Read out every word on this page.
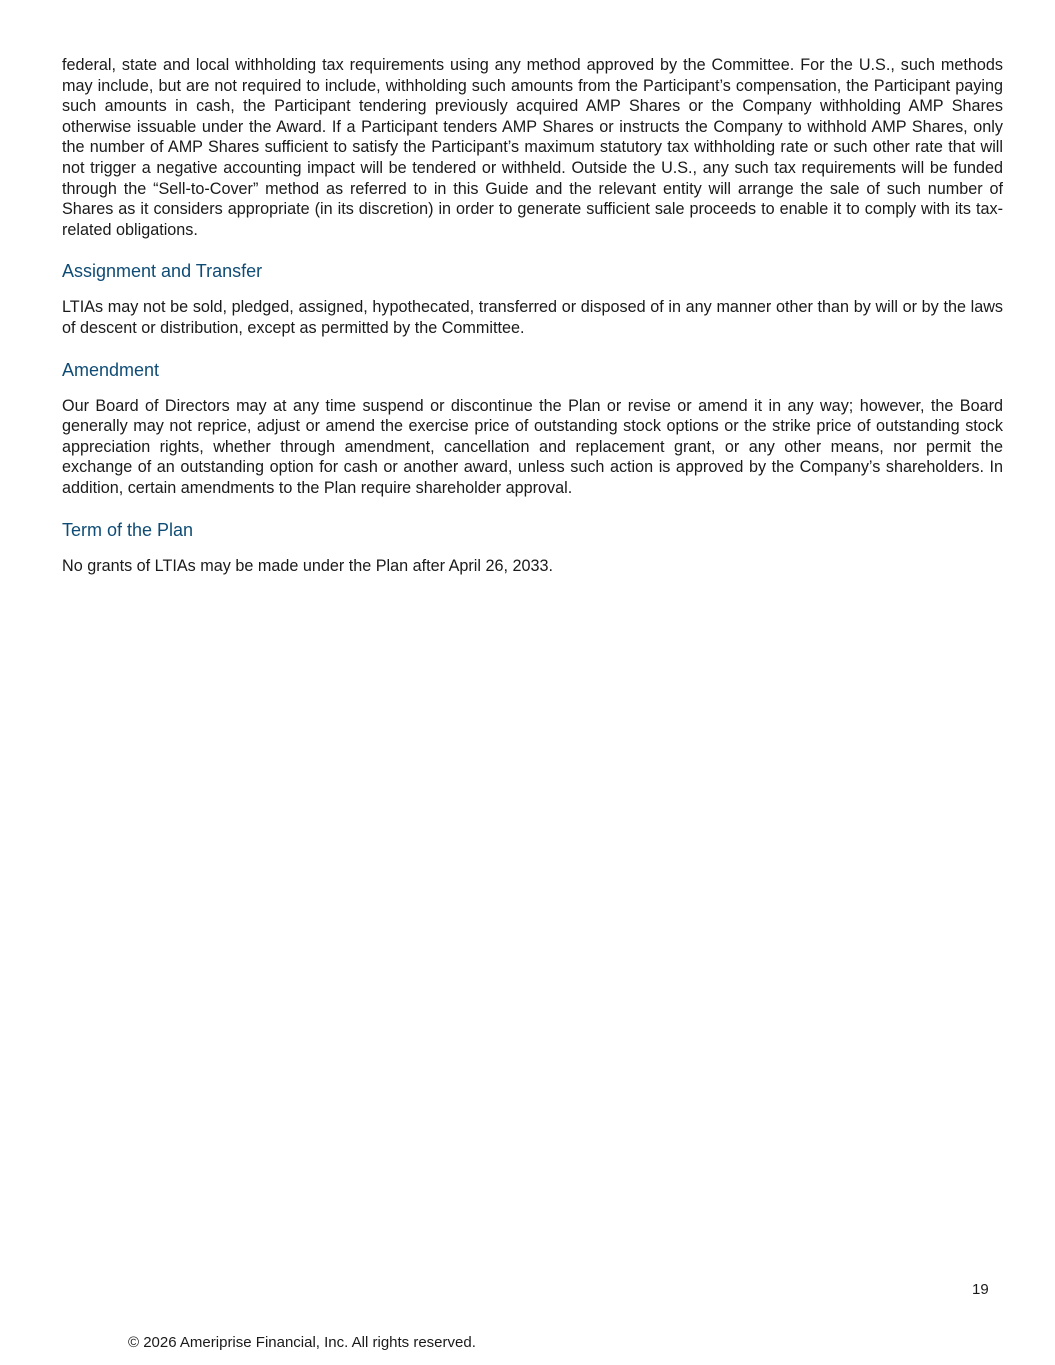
federal, state and local withholding tax requirements using any method approved by the Committee. For the U.S., such methods may include, but are not required to include, withholding such amounts from the Participant’s compensation, the Participant paying such amounts in cash, the Participant tendering previously acquired AMP Shares or the Company withholding AMP Shares otherwise issuable under the Award. If a Participant tenders AMP Shares or instructs the Company to withhold AMP Shares, only the number of AMP Shares sufficient to satisfy the Participant’s maximum statutory tax withholding rate or such other rate that will not trigger a negative accounting impact will be tendered or withheld. Outside the U.S., any such tax requirements will be funded through the “Sell-to-Cover” method as referred to in this Guide and the relevant entity will arrange the sale of such number of Shares as it considers appropriate (in its discretion) in order to generate sufficient sale proceeds to enable it to comply with its tax-related obligations.

Assignment and Transfer

LTIAs may not be sold, pledged, assigned, hypothecated, transferred or disposed of in any manner other than by will or by the laws of descent or distribution, except as permitted by the Committee.

Amendment

Our Board of Directors may at any time suspend or discontinue the Plan or revise or amend it in any way; however, the Board generally may not reprice, adjust or amend the exercise price of outstanding stock options or the strike price of outstanding stock appreciation rights, whether through amendment, cancellation and replacement grant, or any other means, nor permit the exchange of an outstanding option for cash or another award, unless such action is approved by the Company’s shareholders. In addition, certain amendments to the Plan require shareholder approval.

Term of the Plan

No grants of LTIAs may be made under the Plan after April 26, 2033.

19
© 2026 Ameriprise Financial, Inc. All rights reserved.
